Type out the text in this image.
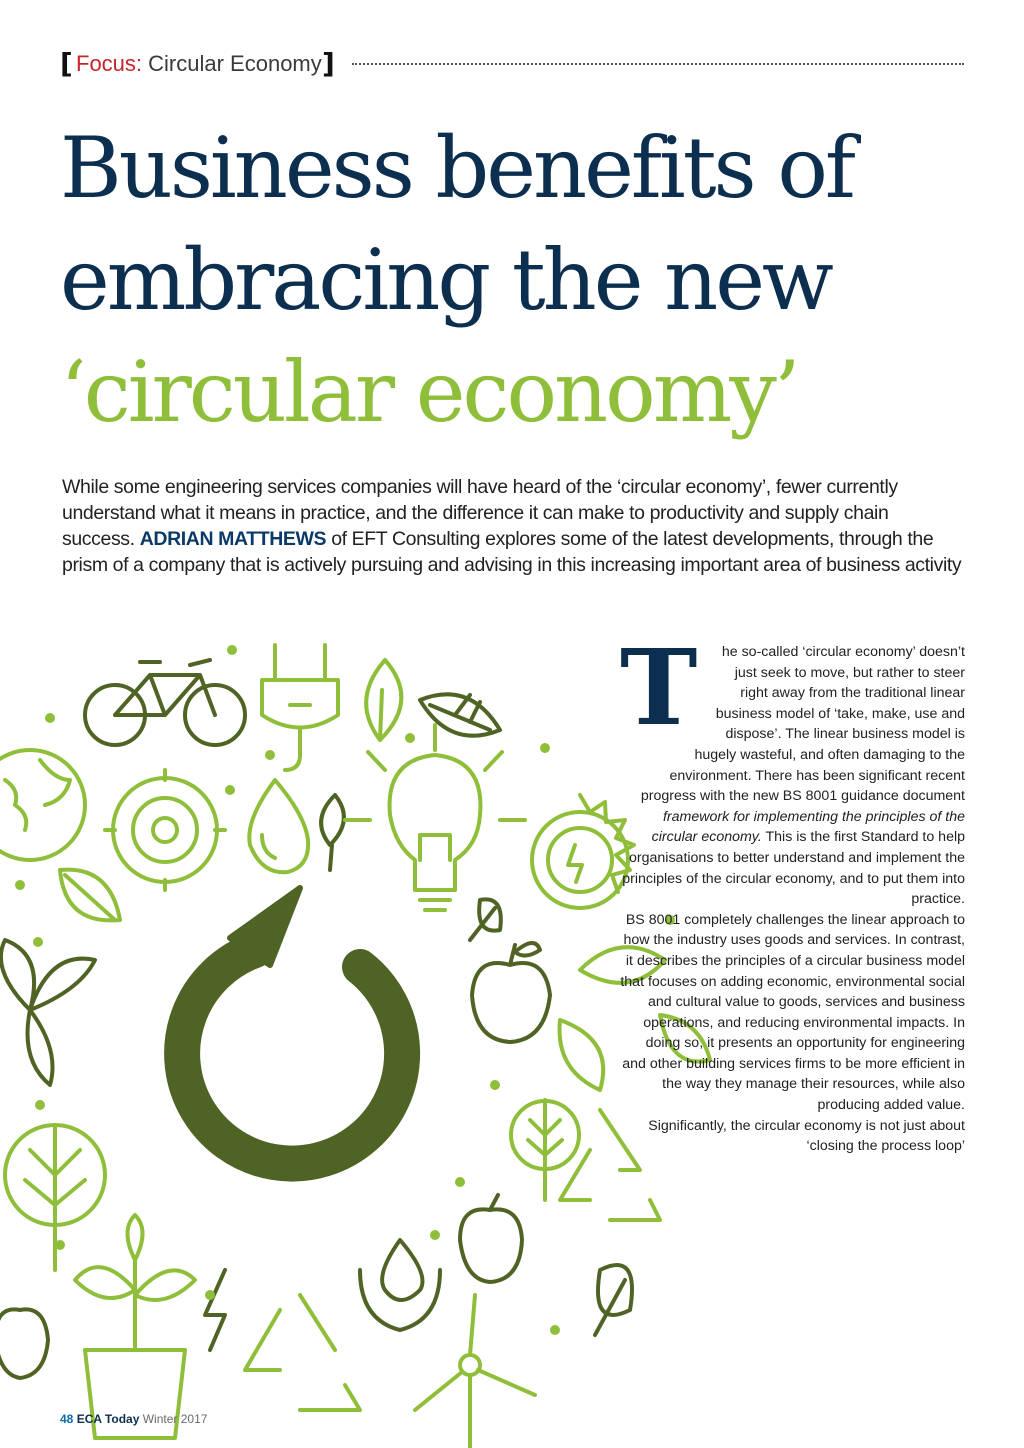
[ Focus: Circular Economy ]
Business benefits of
embracing the new
‘circular economy’
While some engineering services companies will have heard of the ‘circular economy’, fewer currently understand what it means in practice, and the difference it can make to productivity and supply chain success. ADRIAN MATTHEWS of EFT Consulting explores some of the latest developments, through the prism of a company that is actively pursuing and advising in this increasing important area of business activity
T	he so-called ‘circular economy’ doesn’t just seek to move, but rather to steer right away from the traditional linear business model of ‘take, make, use and dispose’. The linear business model is hugely wasteful, and often damaging to the environment. There has been significant recent progress with the new BS 8001 guidance document framework for implementing the principles of the circular economy. This is the first Standard to help organisations to better understand and implement the principles of the circular economy, and to put them into practice.

BS 8001 completely challenges the linear approach to how the industry uses goods and services. In contrast, it describes the principles of a circular business model that focuses on adding economic, environmental social and cultural value to goods, services and business operations, and reducing environmental impacts. In doing so, it presents an opportunity for engineering and other building services firms to be more efficient in the way they manage their resources, while also producing added value.

Significantly, the circular economy is not just about ‘closing the process loop’

48 ECA Today Winter 2017
